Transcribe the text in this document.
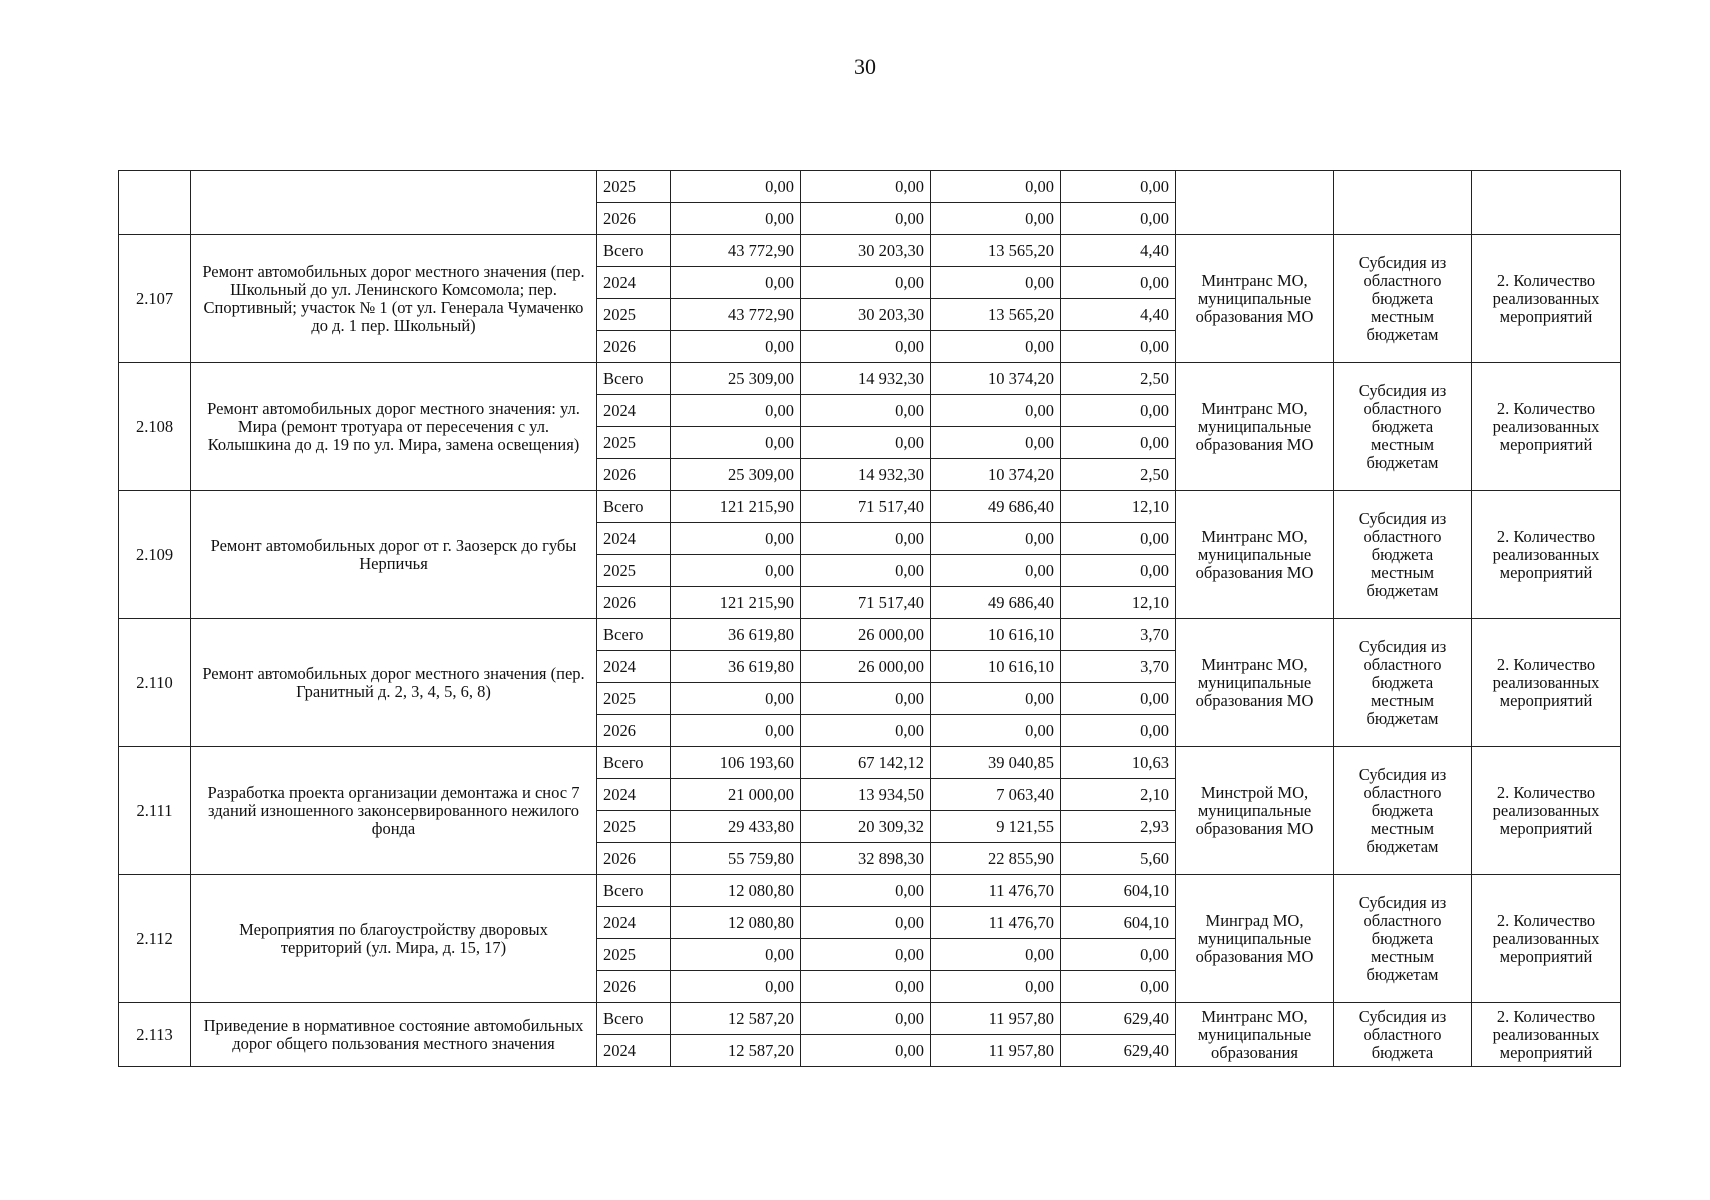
30
		2025	0,00	0,00	0,00	0,00			
		2026	0,00	0,00	0,00	0,00			
2.107	Ремонт автомобильных дорог местного значения (пер. Школьный до ул. Ленинского Комсомола; пер. Спортивный; участок № 1 (от ул. Генерала Чумаченко до д. 1 пер. Школьный)	Всего	43 772,90	30 203,30	13 565,20	4,40	Минтранс МО, муниципальные образования МО	Субсидия из областного бюджета местным бюджетам	2. Количество реализованных мероприятий
		2024	0,00	0,00	0,00	0,00			
		2025	43 772,90	30 203,30	13 565,20	4,40			
		2026	0,00	0,00	0,00	0,00			
2.108	Ремонт автомобильных дорог местного значения: ул. Мира (ремонт тротуара от пересечения с ул. Колышкина до д. 19 по ул. Мира, замена освещения)	Всего	25 309,00	14 932,30	10 374,20	2,50	Минтранс МО, муниципальные образования МО	Субсидия из областного бюджета местным бюджетам	2. Количество реализованных мероприятий
		2024	0,00	0,00	0,00	0,00			
		2025	0,00	0,00	0,00	0,00			
		2026	25 309,00	14 932,30	10 374,20	2,50			
2.109	Ремонт автомобильных дорог от г. Заозерск до губы Нерпичья	Всего	121 215,90	71 517,40	49 686,40	12,10	Минтранс МО, муниципальные образования МО	Субсидия из областного бюджета местным бюджетам	2. Количество реализованных мероприятий
		2024	0,00	0,00	0,00	0,00			
		2025	0,00	0,00	0,00	0,00			
		2026	121 215,90	71 517,40	49 686,40	12,10			
2.110	Ремонт автомобильных дорог местного значения (пер. Гранитный д. 2, 3, 4, 5, 6, 8)	Всего	36 619,80	26 000,00	10 616,10	3,70	Минтранс МО, муниципальные образования МО	Субсидия из областного бюджета местным бюджетам	2. Количество реализованных мероприятий
		2024	36 619,80	26 000,00	10 616,10	3,70			
		2025	0,00	0,00	0,00	0,00			
		2026	0,00	0,00	0,00	0,00			
2.111	Разработка проекта организации демонтажа и снос 7 зданий изношенного законсервированного нежилого фонда	Всего	106 193,60	67 142,12	39 040,85	10,63	Минстрой МО, муниципальные образования МО	Субсидия из областного бюджета местным бюджетам	2. Количество реализованных мероприятий
		2024	21 000,00	13 934,50	7 063,40	2,10			
		2025	29 433,80	20 309,32	9 121,55	2,93			
		2026	55 759,80	32 898,30	22 855,90	5,60			
2.112	Мероприятия по благоустройству дворовых территорий (ул. Мира, д. 15, 17)	Всего	12 080,80	0,00	11 476,70	604,10	Минград МО, муниципальные образования МО	Субсидия из областного бюджета местным бюджетам	2. Количество реализованных мероприятий
		2024	12 080,80	0,00	11 476,70	604,10			
		2025	0,00	0,00	0,00	0,00			
		2026	0,00	0,00	0,00	0,00			
2.113	Приведение в нормативное состояние автомобильных дорог общего пользования местного значения	Всего	12 587,20	0,00	11 957,80	629,40	Минтранс МО, муниципальные образования	Субсидия из областного бюджета	2. Количество реализованных мероприятий
		2024	12 587,20	0,00	11 957,80	629,40			
